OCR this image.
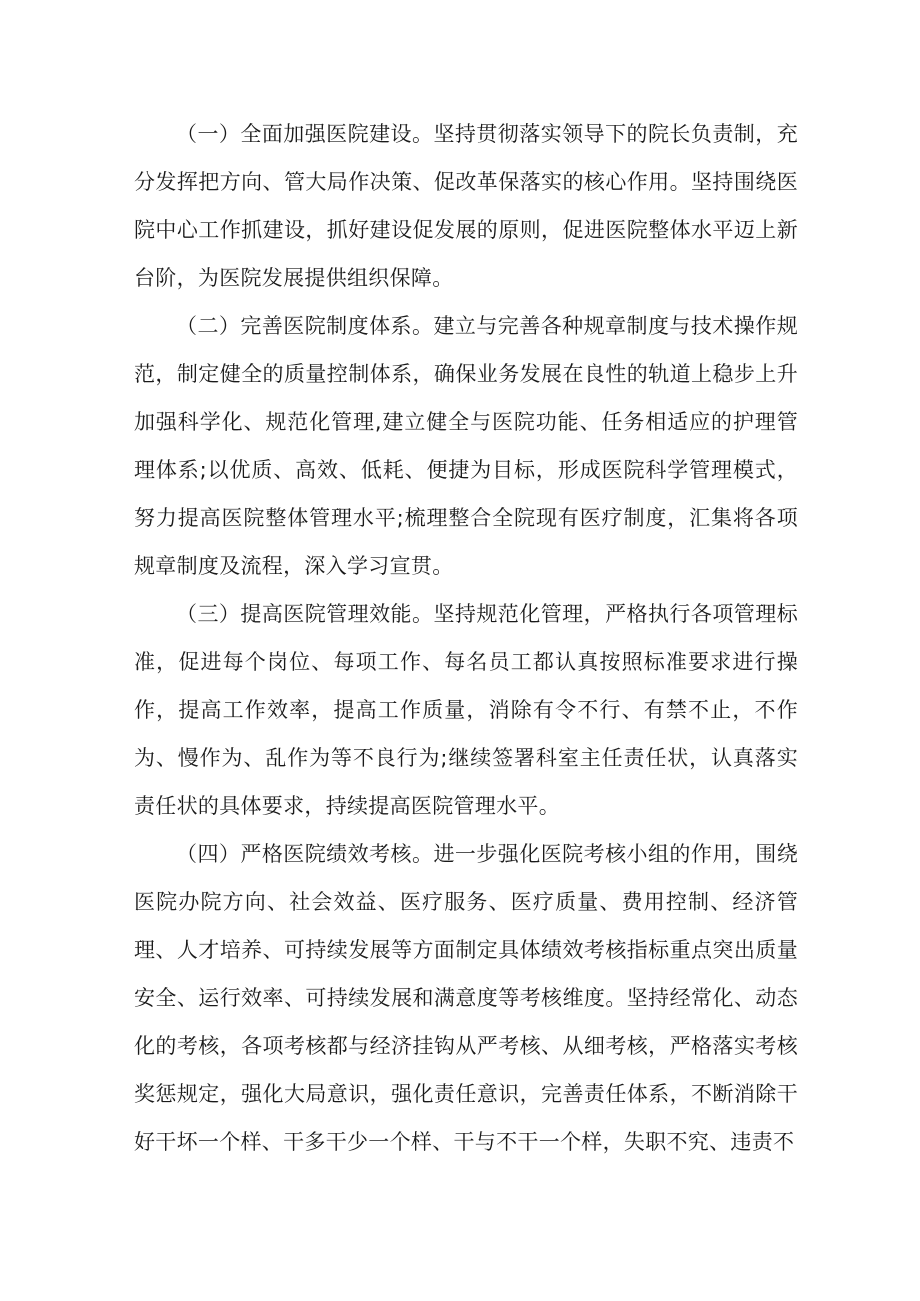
（一）全面加强医院建设。坚持贯彻落实领导下的院长负责制，充分发挥把方向、管大局作决策、促改革保落实的核心作用。坚持围绕医院中心工作抓建设，抓好建设促发展的原则，促进医院整体水平迈上新台阶，为医院发展提供组织保障。

（二）完善医院制度体系。建立与完善各种规章制度与技术操作规范，制定健全的质量控制体系，确保业务发展在良性的轨道上稳步上升加强科学化、规范化管理,建立健全与医院功能、任务相适应的护理管理体系;以优质、高效、低耗、便捷为目标，形成医院科学管理模式，努力提高医院整体管理水平;梳理整合全院现有医疗制度，汇集将各项规章制度及流程，深入学习宣贯。

（三）提高医院管理效能。坚持规范化管理，严格执行各项管理标准，促进每个岗位、每项工作、每名员工都认真按照标准要求进行操作，提高工作效率，提高工作质量，消除有令不行、有禁不止，不作为、慢作为、乱作为等不良行为;继续签署科室主任责任状，认真落实责任状的具体要求，持续提高医院管理水平。

（四）严格医院绩效考核。进一步强化医院考核小组的作用，围绕医院办院方向、社会效益、医疗服务、医疗质量、费用控制、经济管理、人才培养、可持续发展等方面制定具体绩效考核指标重点突出质量安全、运行效率、可持续发展和满意度等考核维度。坚持经常化、动态化的考核，各项考核都与经济挂钩从严考核、从细考核，严格落实考核奖惩规定，强化大局意识，强化责任意识，完善责任体系，不断消除干好干坏一个样、干多干少一个样、干与不干一个样，失职不究、违责不
